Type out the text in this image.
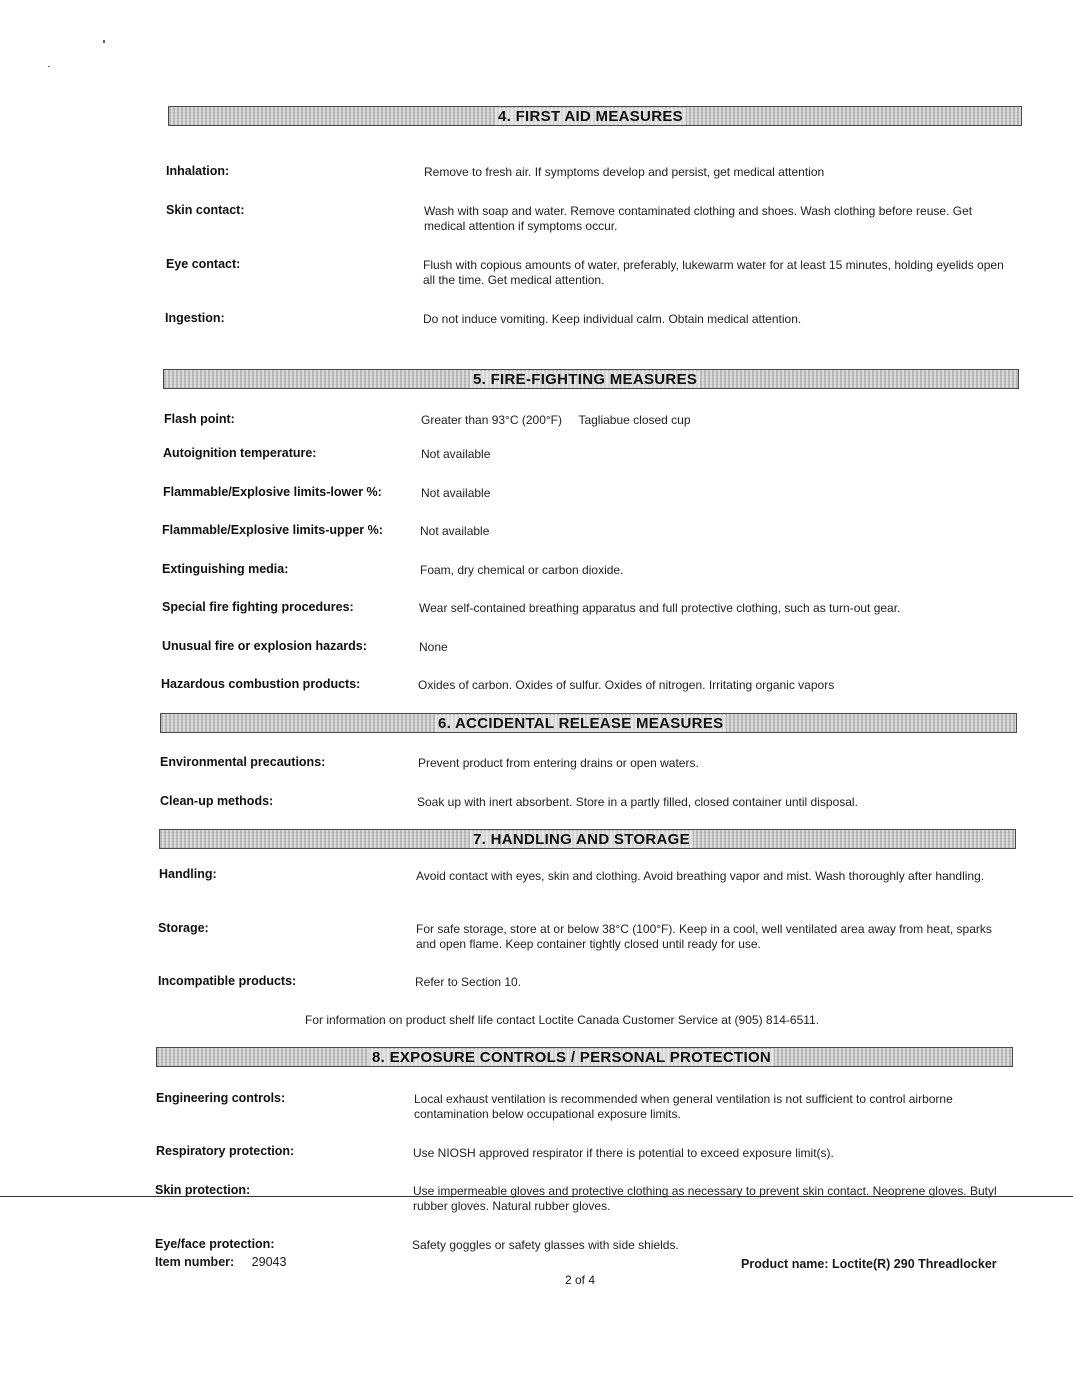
4. FIRST AID MEASURES
Inhalation:	Remove to fresh air. If symptoms develop and persist, get medical attention
Skin contact:	Wash with soap and water. Remove contaminated clothing and shoes. Wash clothing before reuse. Get medical attention if symptoms occur.
Eye contact:	Flush with copious amounts of water, preferably, lukewarm water for at least 15 minutes, holding eyelids open all the time. Get medical attention.
Ingestion:	Do not induce vomiting. Keep individual calm. Obtain medical attention.
5. FIRE-FIGHTING MEASURES
Flash point:	Greater than 93°C (200°F)     Tagliabue closed cup
Autoignition temperature:	Not available
Flammable/Explosive limits-lower %:	Not available
Flammable/Explosive limits-upper %:	Not available
Extinguishing media:	Foam, dry chemical or carbon dioxide.
Special fire fighting procedures:	Wear self-contained breathing apparatus and full protective clothing, such as turn-out gear.
Unusual fire or explosion hazards:	None
Hazardous combustion products:	Oxides of carbon. Oxides of sulfur. Oxides of nitrogen. Irritating organic vapors
6. ACCIDENTAL RELEASE MEASURES
Environmental precautions:	Prevent product from entering drains or open waters.
Clean-up methods:	Soak up with inert absorbent. Store in a partly filled, closed container until disposal.
7. HANDLING AND STORAGE
Handling:	Avoid contact with eyes, skin and clothing. Avoid breathing vapor and mist. Wash thoroughly after handling.
Storage:	For safe storage, store at or below 38°C (100°F). Keep in a cool, well ventilated area away from heat, sparks and open flame. Keep container tightly closed until ready for use.
Incompatible products:	Refer to Section 10.
For information on product shelf life contact Loctite Canada Customer Service at (905) 814-6511.
8. EXPOSURE CONTROLS / PERSONAL PROTECTION
Engineering controls:	Local exhaust ventilation is recommended when general ventilation is not sufficient to control airborne contamination below occupational exposure limits.
Respiratory protection:	Use NIOSH approved respirator if there is potential to exceed exposure limit(s).
Skin protection:	Use impermeable gloves and protective clothing as necessary to prevent skin contact. Neoprene gloves. Butyl rubber gloves. Natural rubber gloves.
Eye/face protection:	Safety goggles or safety glasses with side shields.
Item number: 29043	Product name: Loctite(R) 290 Threadlocker
2 of 4
